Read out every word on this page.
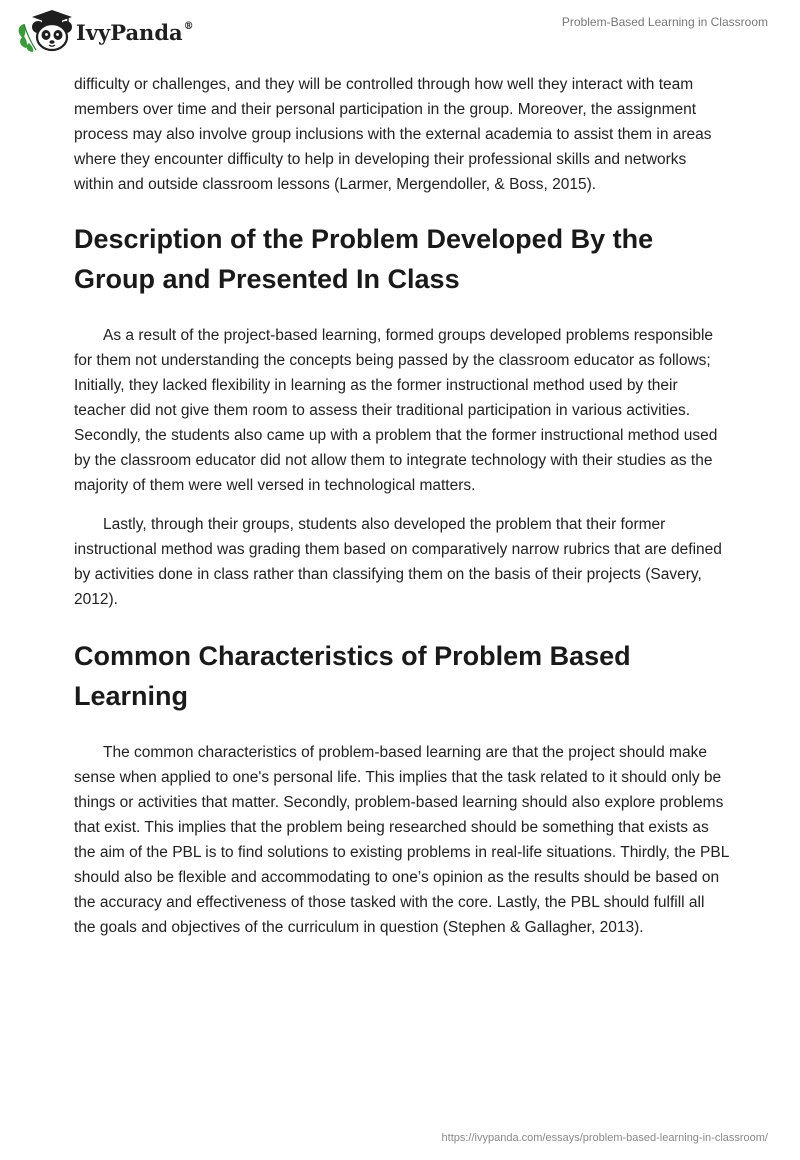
IvyPanda®	Problem-Based Learning in Classroom

difficulty or challenges, and they will be controlled through how well they interact with team members over time and their personal participation in the group. Moreover, the assignment process may also involve group inclusions with the external academia to assist them in areas where they encounter difficulty to help in developing their professional skills and networks within and outside classroom lessons (Larmer, Mergendoller, & Boss, 2015).

Description of the Problem Developed By the Group and Presented In Class

As a result of the project-based learning, formed groups developed problems responsible for them not understanding the concepts being passed by the classroom educator as follows; Initially, they lacked flexibility in learning as the former instructional method used by their teacher did not give them room to assess their traditional participation in various activities. Secondly, the students also came up with a problem that the former instructional method used by the classroom educator did not allow them to integrate technology with their studies as the majority of them were well versed in technological matters.

Lastly, through their groups, students also developed the problem that their former instructional method was grading them based on comparatively narrow rubrics that are defined by activities done in class rather than classifying them on the basis of their projects (Savery, 2012).

Common Characteristics of Problem Based Learning

The common characteristics of problem-based learning are that the project should make sense when applied to one's personal life. This implies that the task related to it should only be things or activities that matter. Secondly, problem-based learning should also explore problems that exist. This implies that the problem being researched should be something that exists as the aim of the PBL is to find solutions to existing problems in real-life situations. Thirdly, the PBL should also be flexible and accommodating to one’s opinion as the results should be based on the accuracy and effectiveness of those tasked with the core. Lastly, the PBL should fulfill all the goals and objectives of the curriculum in question (Stephen & Gallagher, 2013).

https://ivypanda.com/essays/problem-based-learning-in-classroom/
